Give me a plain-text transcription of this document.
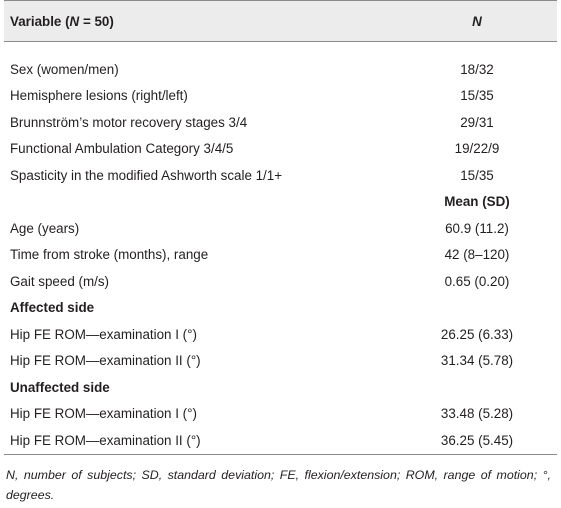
Variable (N = 50)	N

Sex (women/men)	18/32
Hemisphere lesions (right/left)	15/35
Brunnström’s motor recovery stages 3/4	29/31
Functional Ambulation Category 3/4/5	19/22/9
Spasticity in the modified Ashworth scale 1/1+	15/35
	Mean (SD)
Age (years)	60.9 (11.2)
Time from stroke (months), range	42 (8–120)
Gait speed (m/s)	0.65 (0.20)
Affected side	
Hip FE ROM—examination I (°)	26.25 (6.33)
Hip FE ROM—examination II (°)	31.34 (5.78)
Unaffected side	
Hip FE ROM—examination I (°)	33.48 (5.28)
Hip FE ROM—examination II (°)	36.25 (5.45)
N, number of subjects; SD, standard deviation; FE, flexion/extension; ROM, range of motion; °, degrees.
